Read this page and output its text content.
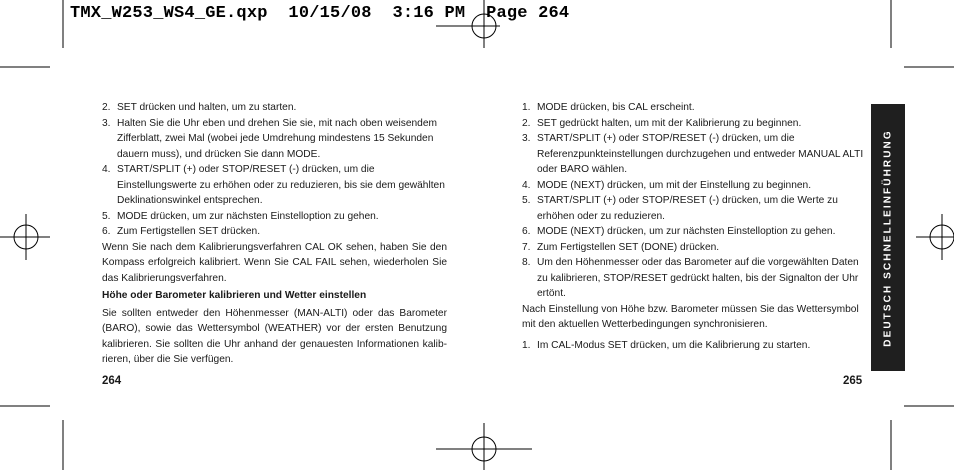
TMX_W253_WS4_GE.qxp  10/15/08  3:16 PM  Page 264
2. SET drücken und halten, um zu starten.
3. Halten Sie die Uhr eben und drehen Sie sie, mit nach oben weisendem Zifferblatt, zwei Mal (wobei jede Umdrehung mindestens 15 Sekunden dauern muss), und drücken Sie dann MODE.
4. START/SPLIT (+) oder STOP/RESET (-) drücken, um die Einstellungswerte zu erhöhen oder zu reduzieren, bis sie dem gewählten Deklinationswinkel entsprechen.
5. MODE drücken, um zur nächsten Einstelloption zu gehen.
6. Zum Fertigstellen SET drücken.

Wenn Sie nach dem Kalibrierungsverfahren CAL OK sehen, haben Sie den Kompass erfolgreich kalibriert. Wenn Sie CAL FAIL sehen, wiederholen Sie das Kalibrierungsverfahren.

Höhe oder Barometer kalibrieren und Wetter einstellen

Sie sollten entweder den Höhenmesser (MAN-ALTI) oder das Barometer (BARO), sowie das Wettersymbol (WEATHER) vor der ersten Benutzung kalibrieren. Sie sollten die Uhr anhand der genauesten Informationen kalib-rieren, über die Sie verfügen.

264
1. MODE drücken, bis CAL erscheint.
2. SET gedrückt halten, um mit der Kalibrierung zu beginnen.
3. START/SPLIT (+) oder STOP/RESET (-) drücken, um die Referenzpunkteinstellungen durchzugehen und entweder MANUAL ALTI oder BARO wählen.
4. MODE (NEXT) drücken, um mit der Einstellung zu beginnen.
5. START/SPLIT (+) oder STOP/RESET (-) drücken, um die Werte zu erhöhen oder zu reduzieren.
6. MODE (NEXT) drücken, um zur nächsten Einstelloption zu gehen.
7. Zum Fertigstellen SET (DONE) drücken.
8. Um den Höhenmesser oder das Barometer auf die vorgewählten Daten zu kalibrieren, STOP/RESET gedrückt halten, bis der Signalton der Uhr ertönt.

Nach Einstellung von Höhe bzw. Barometer müssen Sie das Wettersymbol mit den aktuellen Wetterbedingungen synchronisieren.

1. Im CAL-Modus SET drücken, um die Kalibrierung zu starten.
265
DEUTSCH SCHNELLEINFÜHRUNG
